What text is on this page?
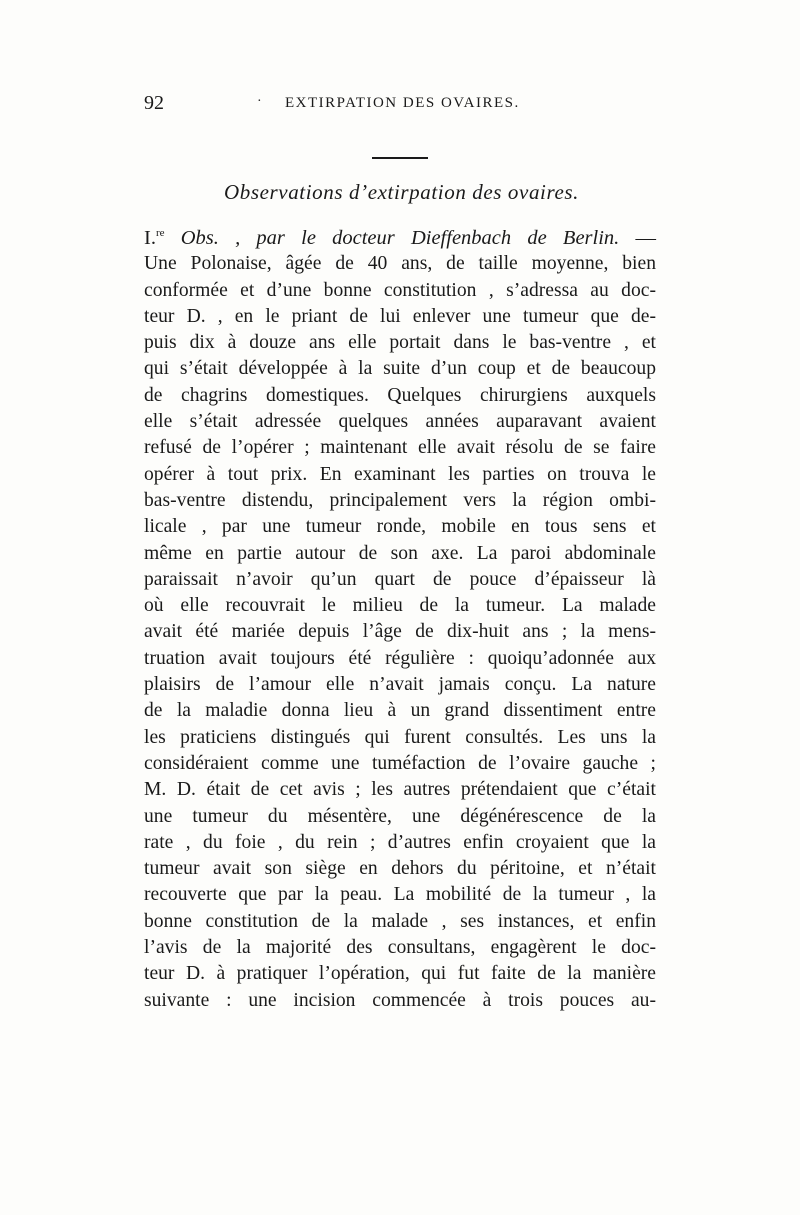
92	· EXTIRPATION DES OVAIRES.
Observations d’extirpation des ovaires.
I.$^{re}$ Obs. , par le docteur Dieffenbach de Berlin. —
Une Polonaise, âgée de 40 ans, de taille moyenne, bien
conformée et d’une bonne constitution , s’adressa au doc-
teur D. , en le priant de lui enlever une tumeur que de-
puis dix à douze ans elle portait dans le bas-ventre , et
qui s’était développée à la suite d’un coup et de beaucoup
de chagrins domestiques. Quelques chirurgiens auxquels
elle s’était adressée quelques années auparavant avaient
refusé de l’opérer ; maintenant elle avait résolu de se faire
opérer à tout prix. En examinant les parties on trouva le
bas-ventre distendu, principalement vers la région ombi-
licale , par une tumeur ronde, mobile en tous sens et
même en partie autour de son axe. La paroi abdominale
paraissait n’avoir qu’un quart de pouce d’épaisseur là
où elle recouvrait le milieu de la tumeur. La malade
avait été mariée depuis l’âge de dix-huit ans ; la mens-
truation avait toujours été régulière : quoiqu’adonnée aux
plaisirs de l’amour elle n’avait jamais conçu. La nature
de la maladie donna lieu à un grand dissentiment entre
les praticiens distingués qui furent consultés. Les uns la
considéraient comme une tuméfaction de l’ovaire gauche ;
M. D. était de cet avis ; les autres prétendaient que c’était
une tumeur du mésentère, une dégénérescence de la
rate , du foie , du rein ; d’autres enfin croyaient que la
tumeur avait son siège en dehors du péritoine, et n’était
recouverte que par la peau. La mobilité de la tumeur , la
bonne constitution de la malade , ses instances, et enfin
l’avis de la majorité des consultans, engagèrent le doc-
teur D. à pratiquer l’opération, qui fut faite de la manière
suivante : une incision commencée à trois pouces au-
